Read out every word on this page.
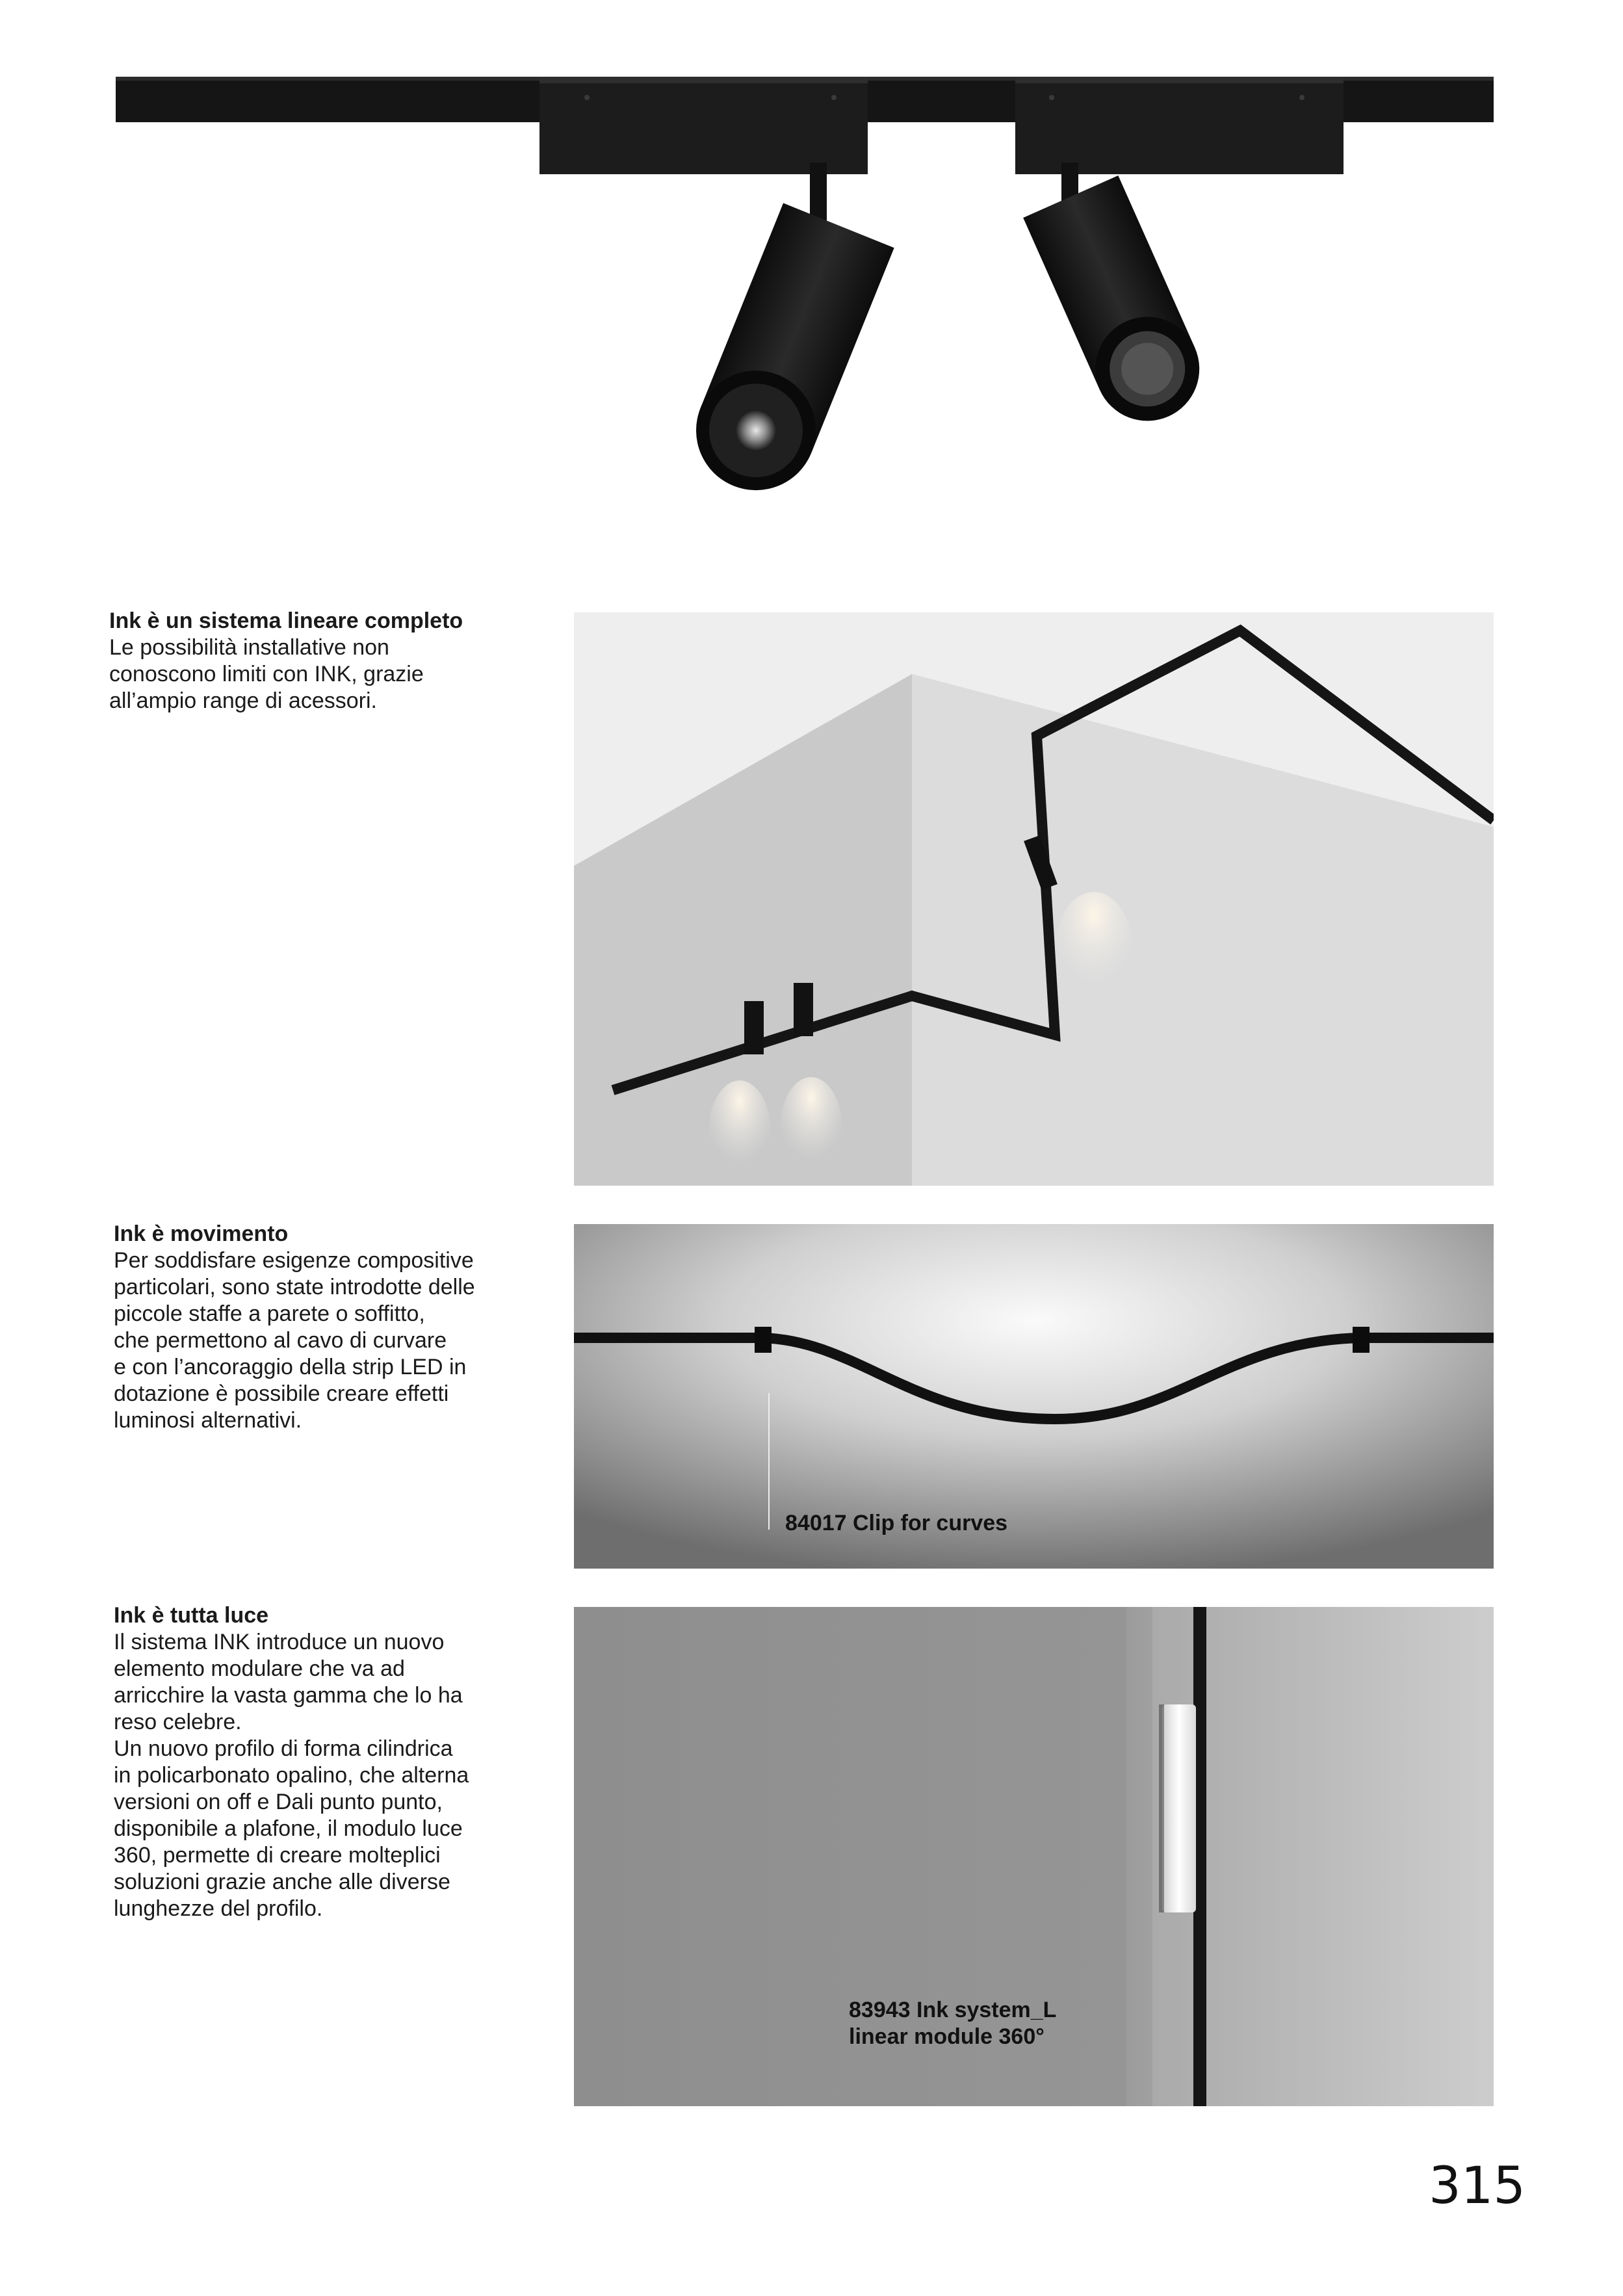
Ink è un sistema lineare completo
Le possibilità installative non
conoscono limiti con INK, grazie
all’ampio range di acessori.
Ink è movimento
Per soddisfare esigenze compositive
particolari, sono state introdotte delle
piccole staffe a parete o soffitto,
che permettono al cavo di curvare
e con l’ancoraggio della strip LED in
dotazione è possibile creare effetti
luminosi alternativi.
84017 Clip for curves
Ink è tutta luce
Il sistema INK introduce un nuovo
elemento modulare che va ad
arricchire la vasta gamma che lo ha
reso celebre.
Un nuovo profilo di forma cilindrica
in policarbonato opalino, che alterna
versioni on off e Dali punto punto,
disponibile a plafone, il modulo luce
360, permette di creare molteplici
soluzioni grazie anche alle diverse
lunghezze del profilo.
83943 Ink system_L
linear module 360°
315
